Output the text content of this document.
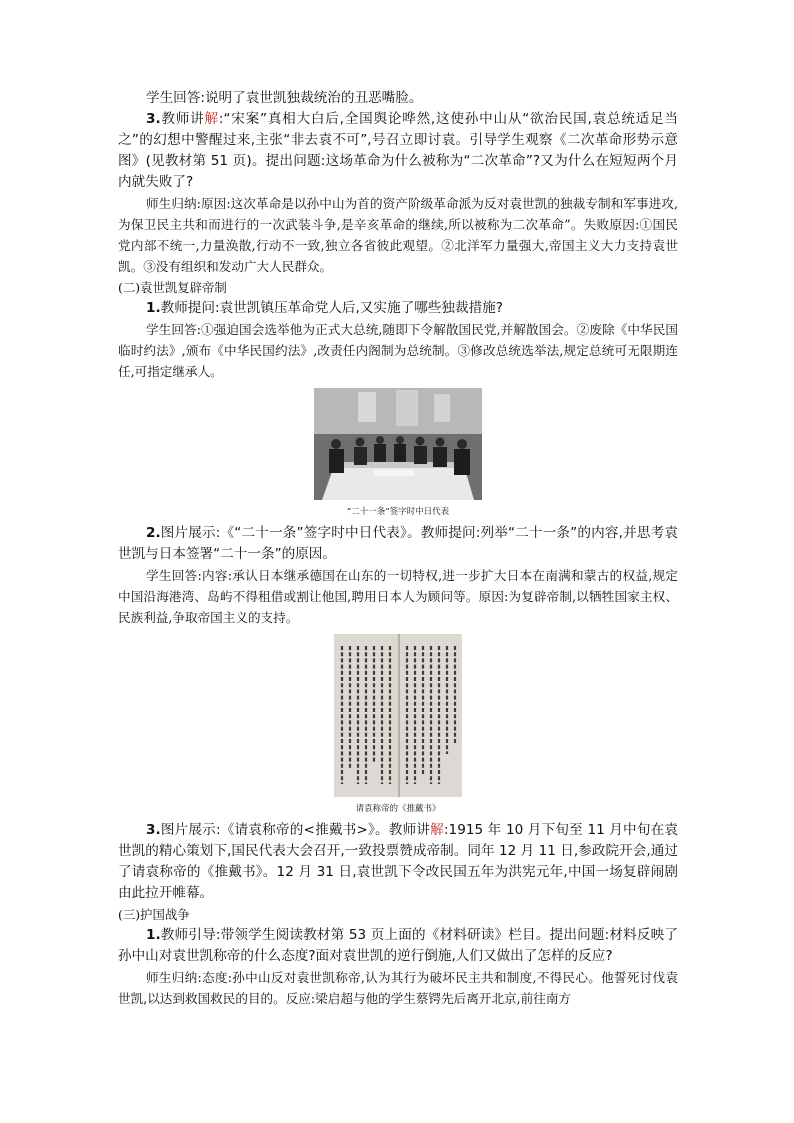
学生回答:说明了袁世凯独裁统治的丑恶嘴脸。

3.教师讲解:“宋案”真相大白后,全国舆论哗然,这使孙中山从“欲治民国,袁总统适足当之”的幻想中警醒过来,主张“非去袁不可”,号召立即讨袁。引导学生观察《二次革命形势示意图》(见教材第 51 页)。提出问题:这场革命为什么被称为“二次革命”?又为什么在短短两个月内就失败了?

师生归纳:原因:这次革命是以孙中山为首的资产阶级革命派为反对袁世凯的独裁专制和军事进攻,为保卫民主共和而进行的一次武装斗争,是辛亥革命的继续,所以被称为二次革命”。失败原因:①国民党内部不统一,力量涣散,行动不一致,独立各省彼此观望。②北洋军力量强大,帝国主义大力支持袁世凯。③没有组织和发动广大人民群众。

(二)袁世凯复辟帝制

1.教师提问:袁世凯镇压革命党人后,又实施了哪些独裁措施?

学生回答:①强迫国会选举他为正式大总统,随即下令解散国民党,并解散国会。②废除《中华民国临时约法》,颁布《中华民国约法》,改责任内阁制为总统制。③修改总统选举法,规定总统可无限期连任,可指定继承人。

“二十一条”签字时中日代表

2.图片展示:《“二十一条”签字时中日代表》。教师提问:列举“二十一条”的内容,并思考袁世凯与日本签署“二十一条”的原因。

学生回答:内容:承认日本继承德国在山东的一切特权,进一步扩大日本在南满和蒙古的权益,规定中国沿海港湾、岛屿不得租借或割让他国,聘用日本人为顾问等。原因:为复辟帝制,以牺牲国家主权、民族利益,争取帝国主义的支持。

请袁称帝的《推戴书》

3.图片展示:《请袁称帝的<推戴书>》。教师讲解:1915 年 10 月下旬至 11 月中旬在袁世凯的精心策划下,国民代表大会召开,一致投票赞成帝制。同年 12 月 11 日,参政院开会,通过了请袁称帝的《推戴书》。12 月 31 日,袁世凯下令改民国五年为洪宪元年,中国一场复辟闹剧由此拉开帷幕。

(三)护国战争

1.教师引导:带领学生阅读教材第 53 页上面的《材料研读》栏目。提出问题:材料反映了孙中山对袁世凯称帝的什么态度?面对袁世凯的逆行倒施,人们又做出了怎样的反应?

师生归纳:态度:孙中山反对袁世凯称帝,认为其行为破坏民主共和制度,不得民心。他誓死讨伐袁世凯,以达到救国救民的目的。反应:梁启超与他的学生蔡锷先后离开北京,前往南方
